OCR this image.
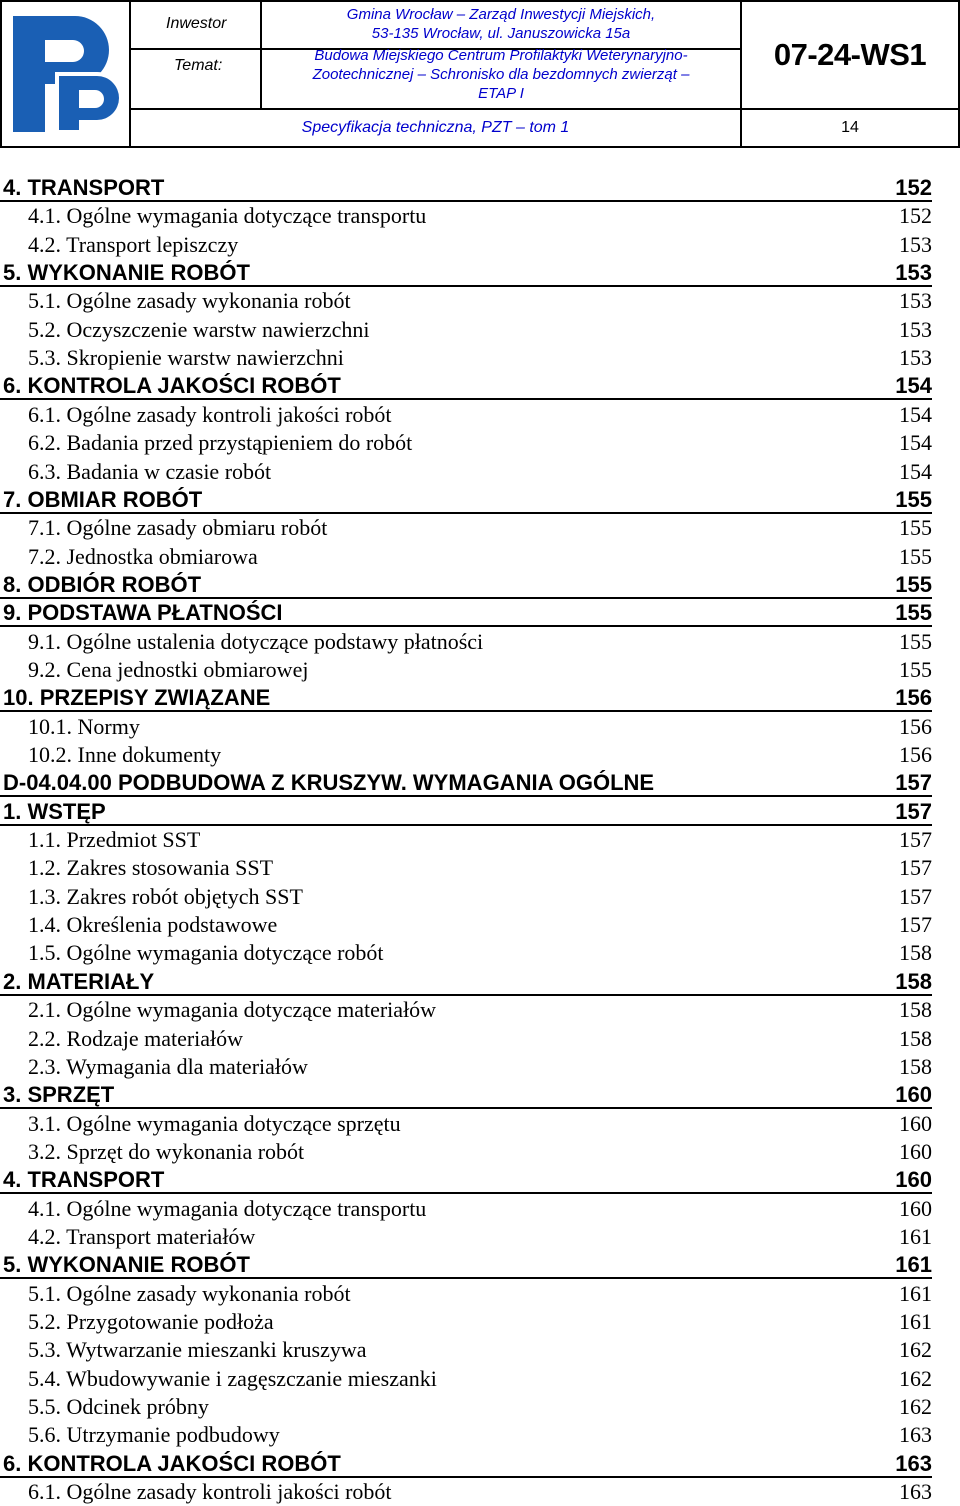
Inwestor
Temat:
Gmina Wrocław – Zarząd Inwestycji Miejskich,
53-135 Wrocław, ul. Januszowicka 15a
Budowa Miejskiego Centrum Profilaktyki Weterynaryjno-
Zootechnicznej – Schronisko dla bezdomnych zwierząt –
ETAP I
07-24-WS1
Specyfikacja techniczna, PZT – tom 1	14
4. TRANSPORT	152
4.1. Ogólne wymagania dotyczące transportu	152
4.2. Transport lepiszczy	153
5. WYKONANIE ROBÓT	153
5.1. Ogólne zasady wykonania robót	153
5.2. Oczyszczenie warstw nawierzchni	153
5.3. Skropienie warstw nawierzchni	153
6. KONTROLA JAKOŚCI ROBÓT	154
6.1. Ogólne zasady kontroli jakości robót	154
6.2. Badania przed przystąpieniem do robót	154
6.3. Badania w czasie robót	154
7. OBMIAR ROBÓT	155
7.1. Ogólne zasady obmiaru robót	155
7.2. Jednostka obmiarowa	155
8. ODBIÓR ROBÓT	155
9. PODSTAWA PŁATNOŚCI	155
9.1. Ogólne ustalenia dotyczące podstawy płatności	155
9.2. Cena jednostki obmiarowej	155
10. PRZEPISY ZWIĄZANE	156
10.1. Normy	156
10.2. Inne dokumenty	156
D-04.04.00 PODBUDOWA Z KRUSZYW. WYMAGANIA OGÓLNE	157
1. WSTĘP	157
1.1. Przedmiot SST	157
1.2. Zakres stosowania SST	157
1.3. Zakres robót objętych SST	157
1.4. Określenia podstawowe	157
1.5. Ogólne wymagania dotyczące robót	158
2. MATERIAŁY	158
2.1. Ogólne wymagania dotyczące materiałów	158
2.2. Rodzaje materiałów	158
2.3. Wymagania dla materiałów	158
3. SPRZĘT	160
3.1. Ogólne wymagania dotyczące sprzętu	160
3.2. Sprzęt do wykonania robót	160
4. TRANSPORT	160
4.1. Ogólne wymagania dotyczące transportu	160
4.2. Transport materiałów	161
5. WYKONANIE ROBÓT	161
5.1. Ogólne zasady wykonania robót	161
5.2. Przygotowanie podłoża	161
5.3. Wytwarzanie mieszanki kruszywa	162
5.4. Wbudowywanie i zagęszczanie mieszanki	162
5.5. Odcinek próbny	162
5.6. Utrzymanie podbudowy	163
6. KONTROLA JAKOŚCI ROBÓT	163
6.1. Ogólne zasady kontroli jakości robót	163
